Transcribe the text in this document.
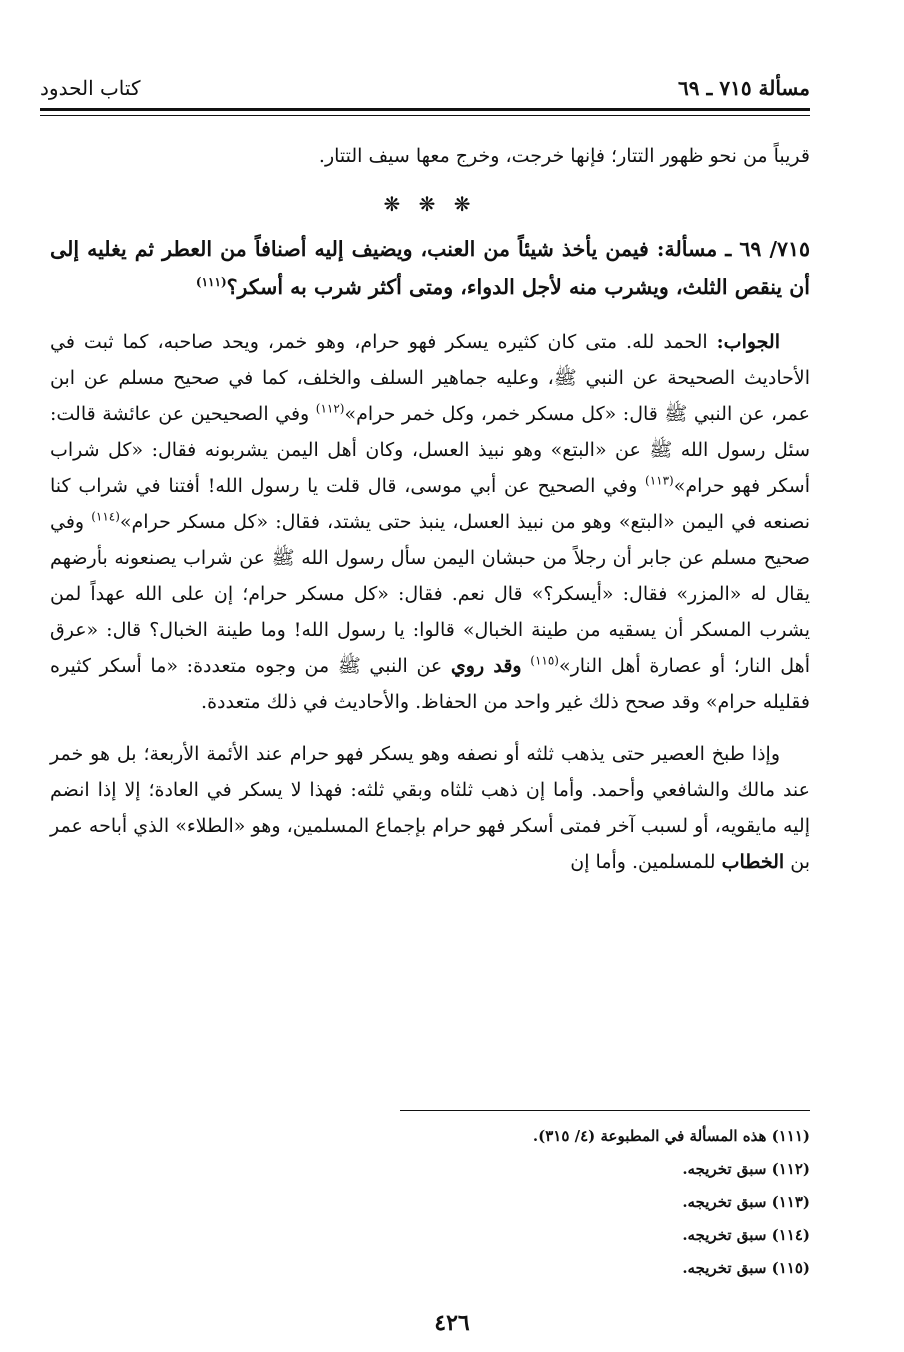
مسألة ٧١٥ ـ ٦٩
كتاب الحدود

قريباً من نحو ظهور التتار؛ فإنها خرجت، وخرج معها سيف التتار.

❋ ❋ ❋

٧١٥/ ٦٩ ـ مسألة: فيمن يأخذ شيئاً من العنب، ويضيف إليه أصنافاً من العطر ثم يغليه إلى أن ينقص الثلث، ويشرب منه لأجل الدواء، ومتى أكثر شرب به أسكر؟$^{(١١١)}$

الجواب: الحمد لله. متى كان كثيره يسكر فهو حرام، وهو خمر، ويحد صاحبه، كما ثبت في الأحاديث الصحيحة عن النبي ﷺ، وعليه جماهير السلف والخلف، كما في صحيح مسلم عن ابن عمر، عن النبي ﷺ قال: «كل مسكر خمر، وكل خمر حرام»$^{(١١٢)}$ وفي الصحيحين عن عائشة قالت: سئل رسول الله ﷺ عن «البتع» وهو نبيذ العسل، وكان أهل اليمن يشربونه فقال: «كل شراب أسكر فهو حرام»$^{(١١٣)}$ وفي الصحيح عن أبي موسى، قال قلت يا رسول الله! أفتنا في شراب كنا نصنعه في اليمن «البتع» وهو من نبيذ العسل، ينبذ حتى يشتد، فقال: «كل مسكر حرام»$^{(١١٤)}$ وفي صحيح مسلم عن جابر أن رجلاً من حبشان اليمن سأل رسول الله ﷺ عن شراب يصنعونه بأرضهم يقال له «المزر» فقال: «أيسكر؟» قال نعم. فقال: «كل مسكر حرام؛ إن على الله عهداً لمن يشرب المسكر أن يسقيه من طينة الخبال» قالوا: يا رسول الله! وما طينة الخبال؟ قال: «عرق أهل النار؛ أو عصارة أهل النار»$^{(١١٥)}$ وقد روي عن النبي ﷺ من وجوه متعددة: «ما أسكر كثيره فقليله حرام» وقد صحح ذلك غير واحد من الحفاظ. والأحاديث في ذلك متعددة.

وإذا طبخ العصير حتى يذهب ثلثه أو نصفه وهو يسكر فهو حرام عند الأئمة الأربعة؛ بل هو خمر عند مالك والشافعي وأحمد. وأما إن ذهب ثلثاه وبقي ثلثه: فهذا لا يسكر في العادة؛ إلا إذا انضم إليه مايقويه، أو لسبب آخر فمتى أسكر فهو حرام بإجماع المسلمين، وهو «الطلاء» الذي أباحه عمر بن الخطاب للمسلمين. وأما إن

(١١١) هذه المسألة في المطبوعة (٤/ ٣١٥).
(١١٢) سبق تخريجه.
(١١٣) سبق تخريجه.
(١١٤) سبق تخريجه.
(١١٥) سبق تخريجه.
٤٢٦
